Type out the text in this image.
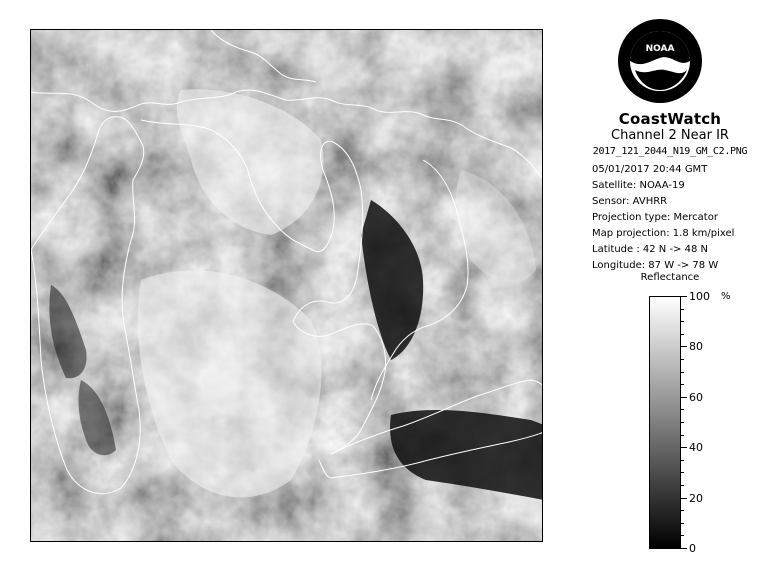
NOAA
CoastWatch
Channel 2 Near IR
2017_121_2044_N19_GM_C2.PNG
05/01/2017 20:44 GMT
Satellite: NOAA-19
Sensor: AVHRR
Projection type: Mercator
Map projection: 1.8 km/pixel
Latitude : 42 N -> 48 N
Longitude: 87 W -> 78 W
Reflectance
%
100
80
60
40
20
0
